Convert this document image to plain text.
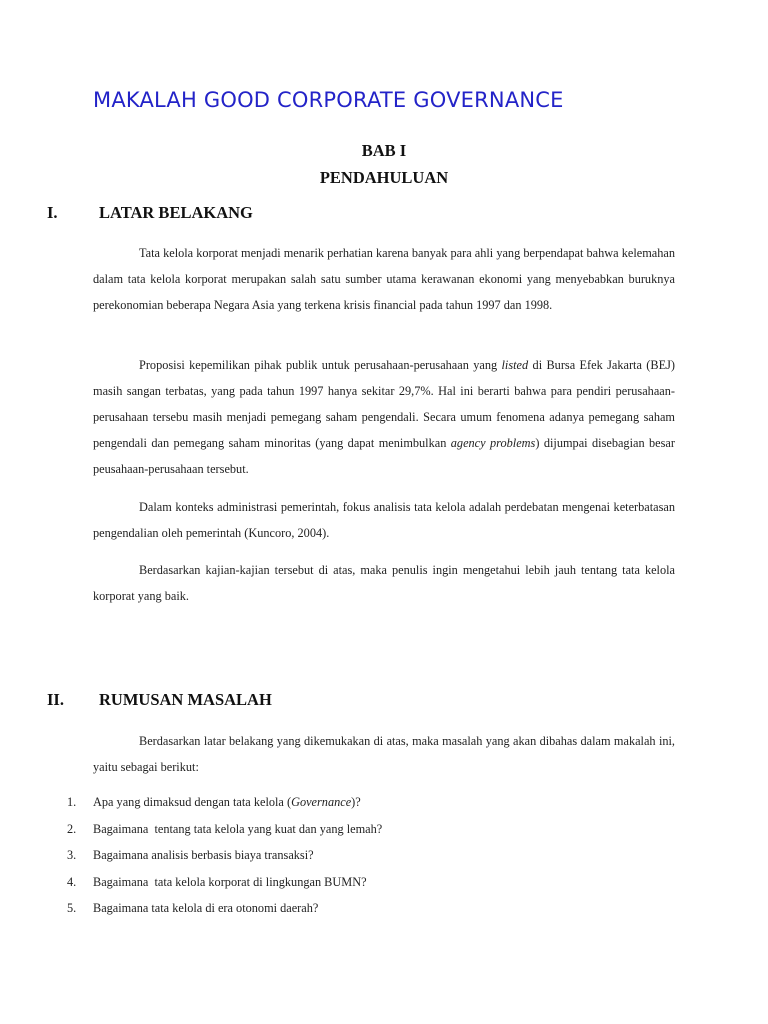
MAKALAH GOOD CORPORATE GOVERNANCE
BAB I
PENDAHULUAN
I.	LATAR BELAKANG

Tata kelola korporat menjadi menarik perhatian karena banyak para ahli yang berpendapat bahwa kelemahan dalam tata kelola korporat merupakan salah satu sumber utama kerawanan ekonomi yang menyebabkan buruknya perekonomian beberapa Negara Asia yang terkena krisis financial pada tahun 1997 dan 1998.

Proposisi kepemilikan pihak publik untuk perusahaan-perusahaan yang listed di Bursa Efek Jakarta (BEJ) masih sangan terbatas, yang pada tahun 1997 hanya sekitar 29,7%. Hal ini berarti bahwa para pendiri perusahaan-perusahaan tersebu masih menjadi pemegang saham pengendali. Secara umum fenomena adanya pemegang saham pengendali dan pemegang saham minoritas (yang dapat menimbulkan agency problems) dijumpai disebagian besar peusahaan-perusahaan tersebut.

Dalam konteks administrasi pemerintah, fokus analisis tata kelola adalah perdebatan mengenai keterbatasan pengendalian oleh pemerintah (Kuncoro, 2004).

Berdasarkan kajian-kajian tersebut di atas, maka penulis ingin mengetahui lebih jauh tentang tata kelola korporat yang baik.

II. RUMUSAN MASALAH

Berdasarkan latar belakang yang dikemukakan di atas, maka masalah yang akan dibahas dalam makalah ini, yaitu sebagai berikut:

1. Apa yang dimaksud dengan tata kelola (Governance)?
2. Bagaimana  tentang tata kelola yang kuat dan yang lemah?
3. Bagaimana analisis berbasis biaya transaksi?
4. Bagaimana  tata kelola korporat di lingkungan BUMN?
5. Bagaimana tata kelola di era otonomi daerah?
